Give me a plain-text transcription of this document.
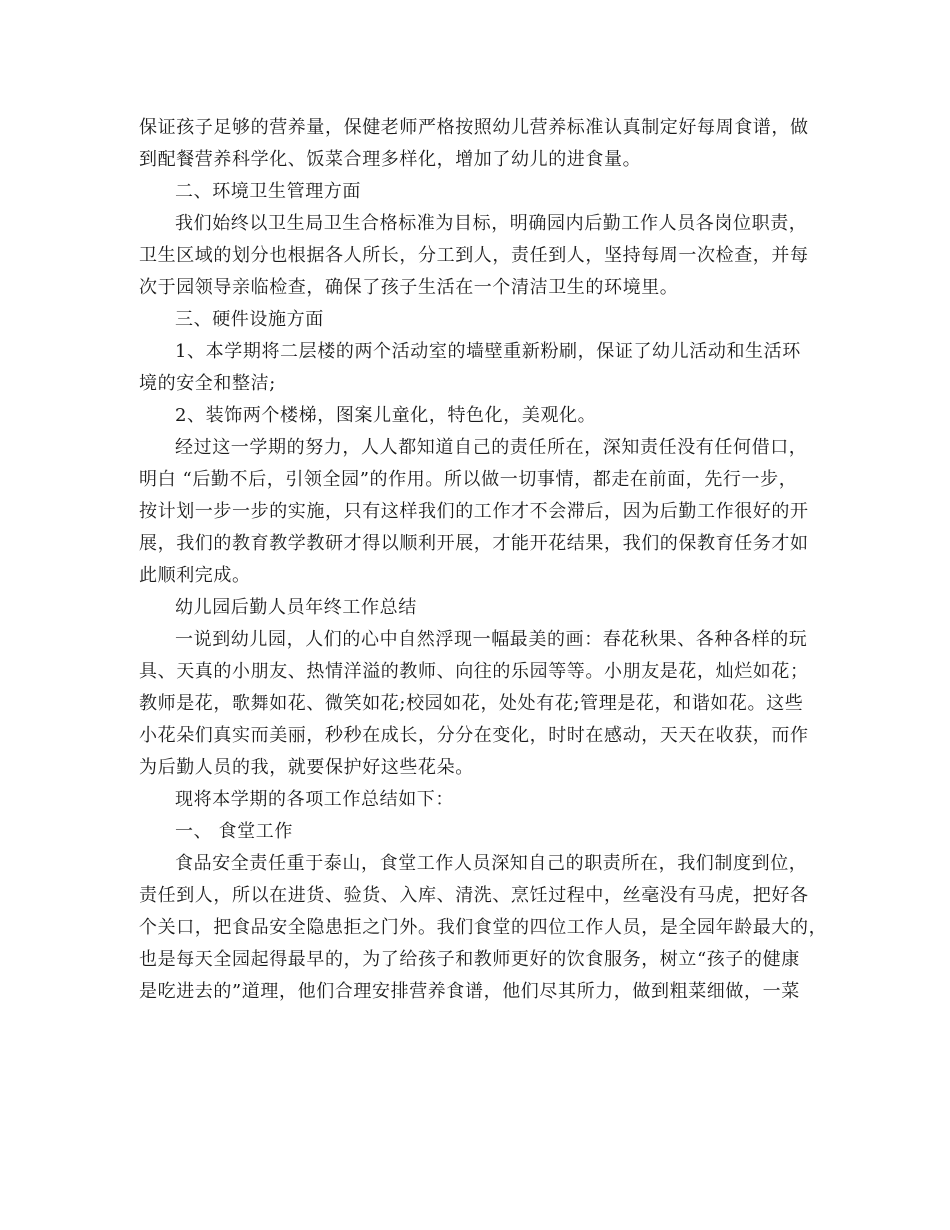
保证孩子足够的营养量，保健老师严格按照幼儿营养标准认真制定好每周食谱，做
到配餐营养科学化、饭菜合理多样化，增加了幼儿的进食量。
二、环境卫生管理方面
我们始终以卫生局卫生合格标准为目标，明确园内后勤工作人员各岗位职责，
卫生区域的划分也根据各人所长，分工到人，责任到人，坚持每周一次检查，并每
次于园领导亲临检查，确保了孩子生活在一个清洁卫生的环境里。
三、硬件设施方面
1、本学期将二层楼的两个活动室的墙壁重新粉刷，保证了幼儿活动和生活环
境的安全和整洁;
2、装饰两个楼梯，图案儿童化，特色化，美观化。
经过这一学期的努力，人人都知道自己的责任所在，深知责任没有任何借口，
明白 “后勤不后，引领全园”的作用。所以做一切事情，都走在前面，先行一步，
按计划一步一步的实施，只有这样我们的工作才不会滞后，因为后勤工作很好的开
展，我们的教育教学教研才得以顺利开展，才能开花结果，我们的保教育任务才如
此顺利完成。
幼儿园后勤人员年终工作总结
一说到幼儿园，人们的心中自然浮现一幅最美的画：春花秋果、各种各样的玩
具、天真的小朋友、热情洋溢的教师、向往的乐园等等。小朋友是花，灿烂如花；
教师是花，歌舞如花、微笑如花;校园如花，处处有花;管理是花，和谐如花。这些
小花朵们真实而美丽，秒秒在成长，分分在变化，时时在感动，天天在收获，而作
为后勤人员的我，就要保护好这些花朵。
现将本学期的各项工作总结如下：
一、 食堂工作
食品安全责任重于泰山，食堂工作人员深知自己的职责所在，我们制度到位，
责任到人，所以在进货、验货、入库、清洗、烹饪过程中，丝毫没有马虎，把好各
个关口，把食品安全隐患拒之门外。我们食堂的四位工作人员，是全园年龄最大的，
也是每天全园起得最早的，为了给孩子和教师更好的饮食服务，树立“孩子的健康
是吃进去的”道理，他们合理安排营养食谱，他们尽其所力，做到粗菜细做，一菜
